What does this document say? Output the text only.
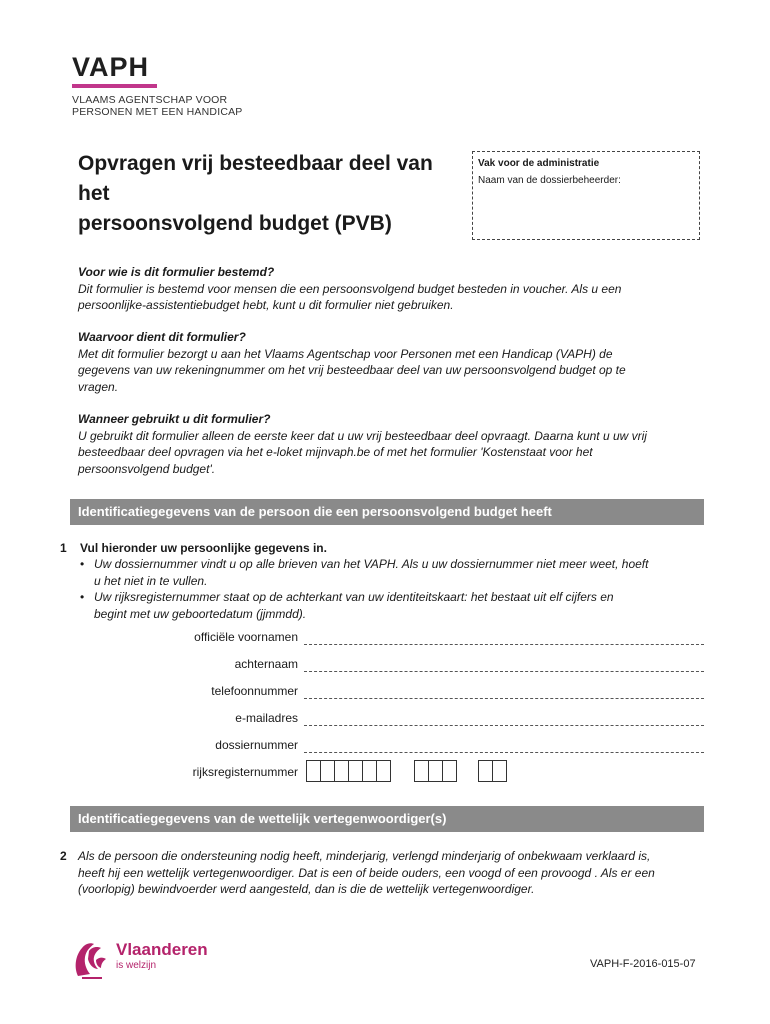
VAPH
VLAAMS AGENTSCHAP VOOR
PERSONEN MET EEN HANDICAP
Opvragen vrij besteedbaar deel van het
persoonsvolgend budget (PVB)
Vak voor de administratie
Naam van de dossierbeheerder:
Voor wie is dit formulier bestemd?
Dit formulier is bestemd voor mensen die een persoonsvolgend budget besteden in voucher. Als u een
persoonlijke-assistentiebudget hebt, kunt u dit formulier niet gebruiken.
Waarvoor dient dit formulier?
Met dit formulier bezorgt u aan het Vlaams Agentschap voor Personen met een Handicap (VAPH) de
gegevens van uw rekeningnummer om het vrij besteedbaar deel van uw persoonsvolgend budget op te
vragen.
Wanneer gebruikt u dit formulier?
U gebruikt dit formulier alleen de eerste keer dat u uw vrij besteedbaar deel opvraagt. Daarna kunt u uw vrij
besteedbaar deel opvragen via het e-loket mijnvaph.be of met het formulier 'Kostenstaat voor het
persoonsvolgend budget'.
Identificatiegegevens van de persoon die een persoonsvolgend budget heeft
1 Vul hieronder uw persoonlijke gegevens in.
• Uw dossiernummer vindt u op alle brieven van het VAPH. Als u uw dossiernummer niet meer weet, hoeft
u het niet in te vullen.
• Uw rijksregisternummer staat op de achterkant van uw identiteitskaart: het bestaat uit elf cijfers en
begint met uw geboortedatum (jjmmdd).
officiële voornamen
achternaam
telefoonnummer
e-mailadres
dossiernummer
rijksregisternummer
Identificatiegegevens van de wettelijk vertegenwoordiger(s)
2 Als de persoon die ondersteuning nodig heeft, minderjarig, verlengd minderjarig of onbekwaam verklaard is,
heeft hij een wettelijk vertegenwoordiger. Dat is een of beide ouders, een voogd of een provoogd . Als er een
(voorlopig) bewindvoerder werd aangesteld, dan is die de wettelijk vertegenwoordiger.
Vlaanderen
is welzijn	VAPH-F-2016-015-07
